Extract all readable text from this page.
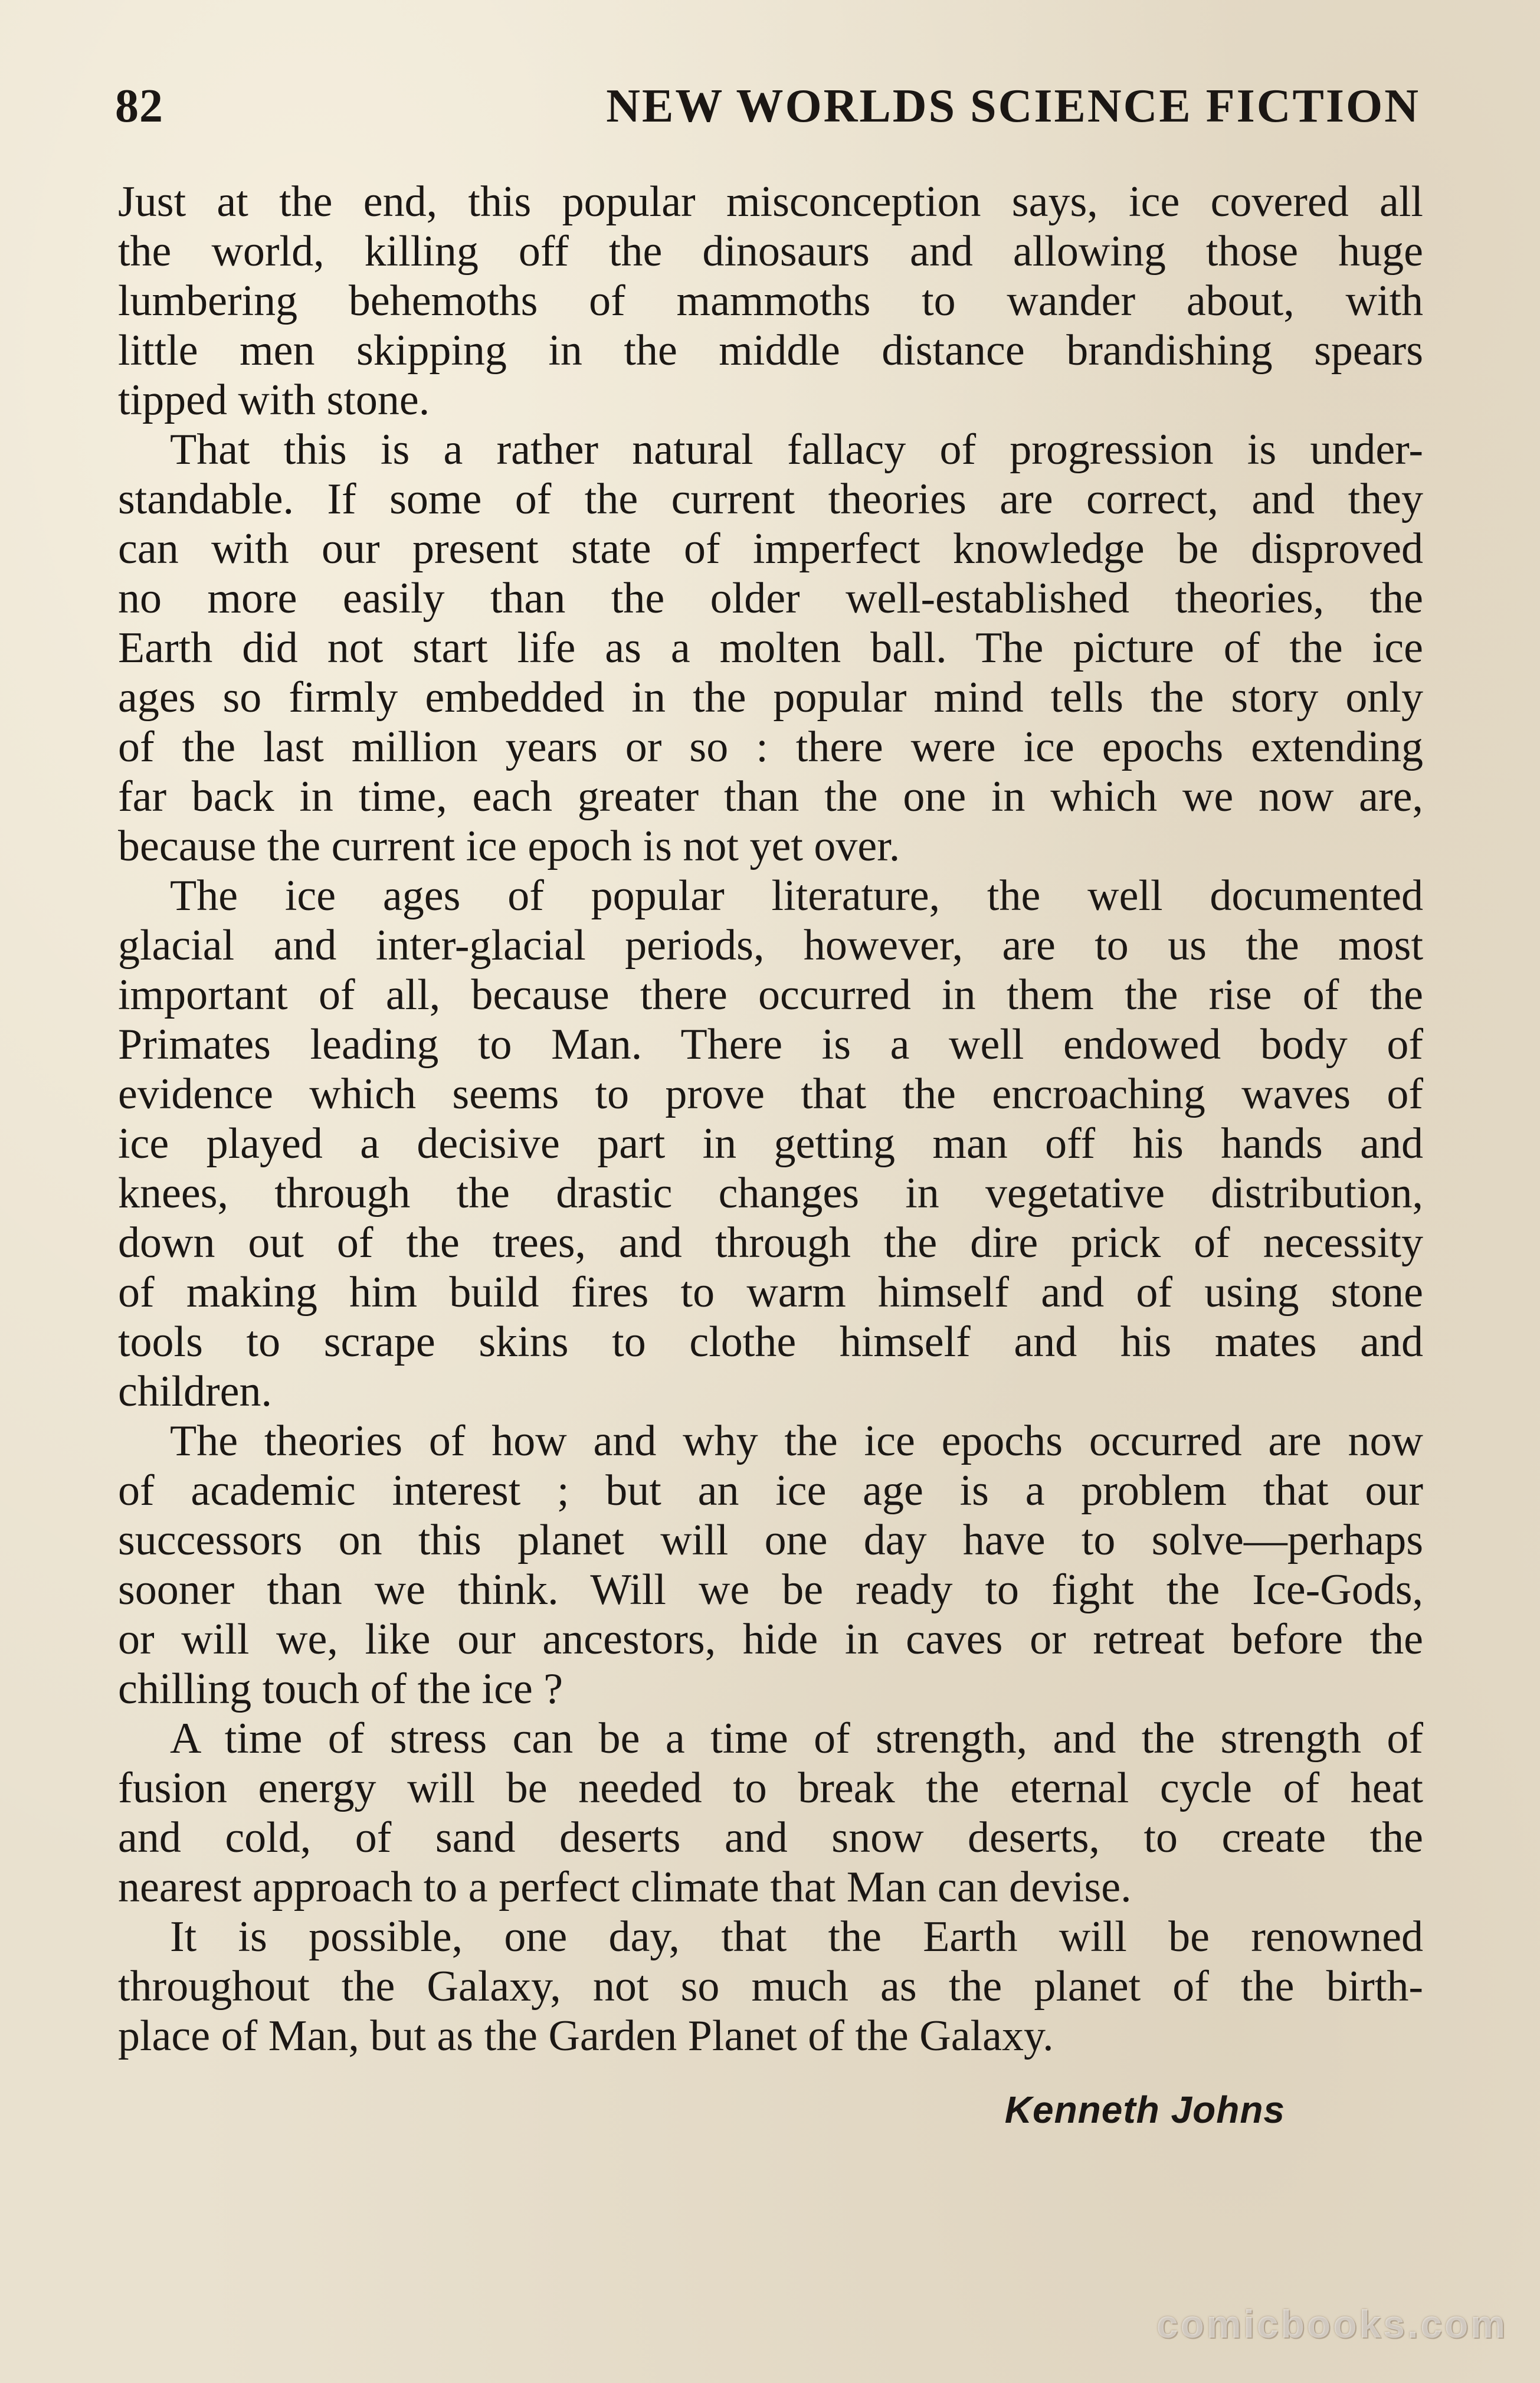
82	NEW WORLDS SCIENCE FICTION
Just at the end, this popular misconception says, ice covered all
the world, killing off the dinosaurs and allowing those huge
lumbering behemoths of mammoths to wander about, with
little men skipping in the middle distance brandishing spears
tipped with stone.
That this is a rather natural fallacy of progression is under-
standable. If some of the current theories are correct, and they
can with our present state of imperfect knowledge be disproved
no more easily than the older well-established theories, the
Earth did not start life as a molten ball. The picture of the ice
ages so firmly embedded in the popular mind tells the story only
of the last million years or so : there were ice epochs extending
far back in time, each greater than the one in which we now are,
because the current ice epoch is not yet over.
The ice ages of popular literature, the well documented
glacial and inter-glacial periods, however, are to us the most
important of all, because there occurred in them the rise of the
Primates leading to Man. There is a well endowed body of
evidence which seems to prove that the encroaching waves of
ice played a decisive part in getting man off his hands and
knees, through the drastic changes in vegetative distribution,
down out of the trees, and through the dire prick of necessity
of making him build fires to warm himself and of using stone
tools to scrape skins to clothe himself and his mates and
children.
The theories of how and why the ice epochs occurred are now
of academic interest ; but an ice age is a problem that our
successors on this planet will one day have to solve—perhaps
sooner than we think. Will we be ready to fight the Ice-Gods,
or will we, like our ancestors, hide in caves or retreat before the
chilling touch of the ice ?
A time of stress can be a time of strength, and the strength of
fusion energy will be needed to break the eternal cycle of heat
and cold, of sand deserts and snow deserts, to create the
nearest approach to a perfect climate that Man can devise.
It is possible, one day, that the Earth will be renowned
throughout the Galaxy, not so much as the planet of the birth-
place of Man, but as the Garden Planet of the Galaxy.
Kenneth Johns
comicbooks.com
